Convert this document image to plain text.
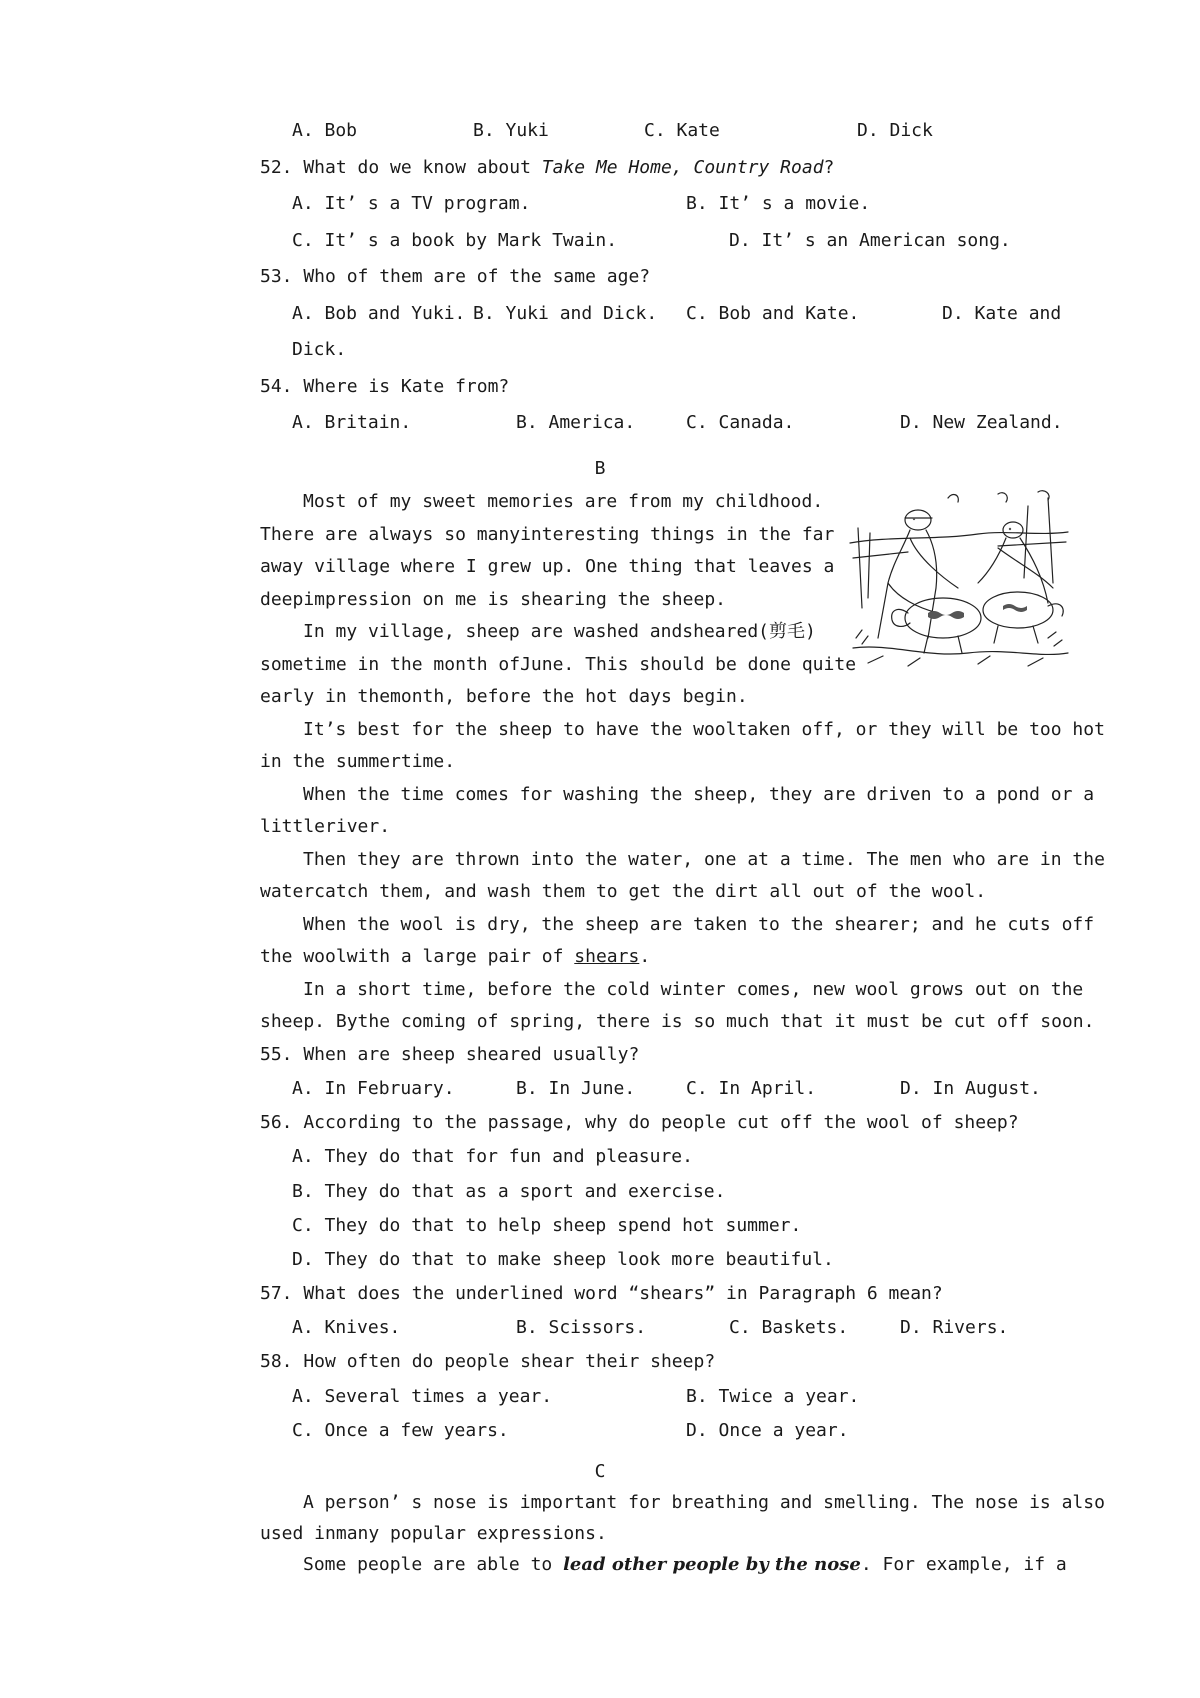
A. Bob	B. Yuki	C. Kate	D. Dick
52. What do we know about Take Me Home, Country Road?
A. It’ s a TV program.	B. It’ s a movie.
C. It’ s a book by Mark Twain.	D. It’ s an American song.
53. Who of them are of the same age?
A. Bob and Yuki. B. Yuki and Dick. C. Bob and Kate.	D. Kate and
Dick.
54. Where is Kate from?
A. Britain.	B. America.	C. Canada.	D. New Zealand.
B
Most of my sweet memories are from my childhood.
There are always so manyinteresting things in the far
away village where I grew up. One thing that leaves a
deepimpression on me is shearing the sheep.
In my village, sheep are washed andsheared(剪毛)
sometime in the month ofJune. This should be done quite
early in themonth, before the hot days begin.
It’s best for the sheep to have the wooltaken off, or they will be too hot
in the summertime.
When the time comes for washing the sheep, they are driven to a pond or a
littleriver.
Then they are thrown into the water, one at a time. The men who are in the
watercatch them, and wash them to get the dirt all out of the wool.
When the wool is dry, the sheep are taken to the shearer; and he cuts off
the woolwith a large pair of shears.
In a short time, before the cold winter comes, new wool grows out on the
sheep. Bythe coming of spring, there is so much that it must be cut off soon.
55. When are sheep sheared usually?
A. In February.	B. In June.	C. In April.	D. In August.
56. According to the passage, why do people cut off the wool of sheep?
A. They do that for fun and pleasure.
B. They do that as a sport and exercise.
C. They do that to help sheep spend hot summer.
D. They do that to make sheep look more beautiful.
57. What does the underlined word “shears” in Paragraph 6 mean?
A. Knives.	B. Scissors.	C. Baskets.	D. Rivers.
58. How often do people shear their sheep?
A. Several times a year.	B. Twice a year.
C. Once a few years.	D. Once a year.
C
A person’ s nose is important for breathing and smelling. The nose is also
used inmany popular expressions.
Some people are able to lead other people by the nose. For example, if a
